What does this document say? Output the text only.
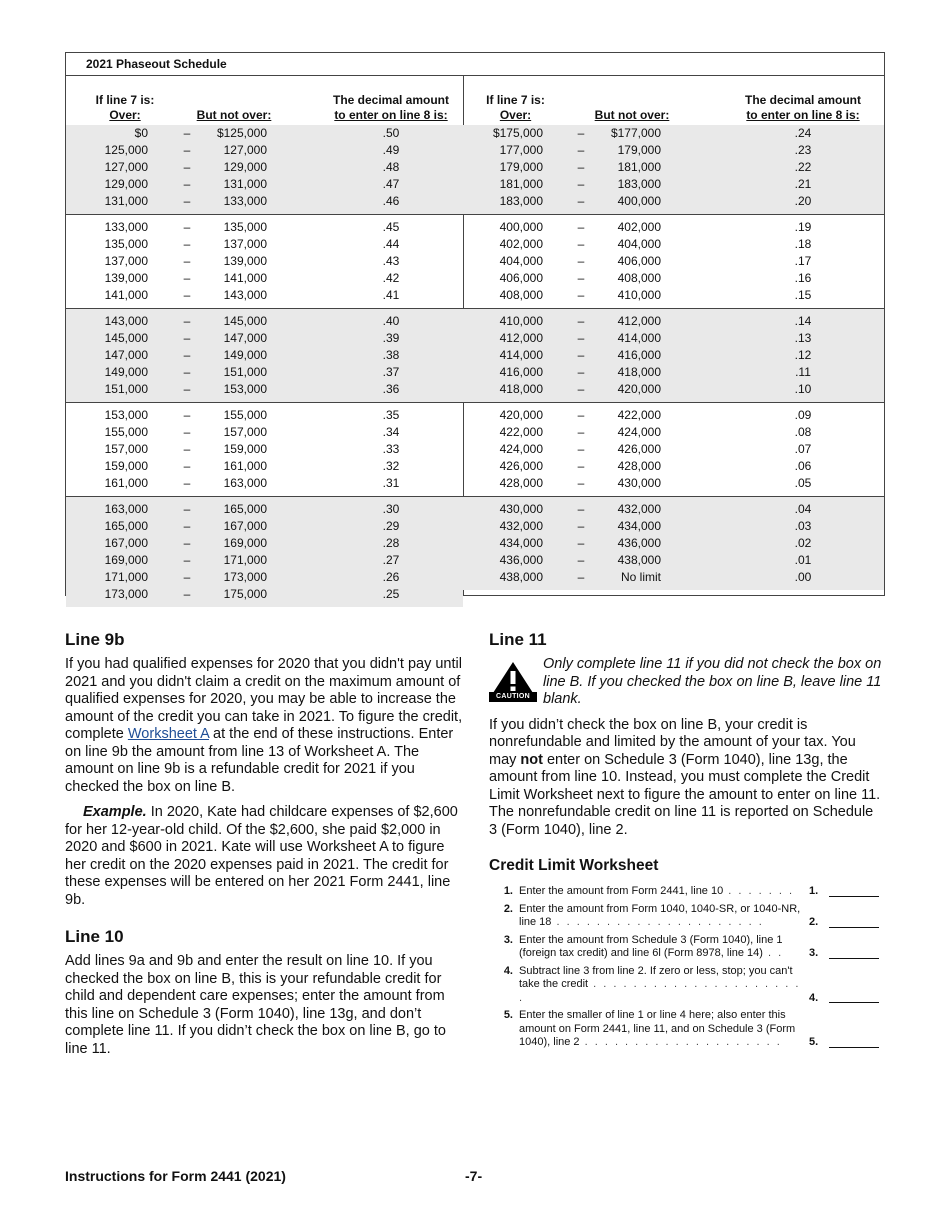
2021 Phaseout Schedule
If line 7 is:
Over:	But not over:
The decimal amount
to enter on line 8 is:
$0	–	$125,000	.50
125,000	–	127,000	.49
127,000	–	129,000	.48
129,000	–	131,000	.47
131,000	–	133,000	.46
133,000	–	135,000	.45
135,000	–	137,000	.44
137,000	–	139,000	.43
139,000	–	141,000	.42
141,000	–	143,000	.41
143,000	–	145,000	.40
145,000	–	147,000	.39
147,000	–	149,000	.38
149,000	–	151,000	.37
151,000	–	153,000	.36
153,000	–	155,000	.35
155,000	–	157,000	.34
157,000	–	159,000	.33
159,000	–	161,000	.32
161,000	–	163,000	.31
163,000	–	165,000	.30
165,000	–	167,000	.29
167,000	–	169,000	.28
169,000	–	171,000	.27
171,000	–	173,000	.26
173,000	–	175,000	.25
If line 7 is:
Over:	But not over:
The decimal amount
to enter on line 8 is:
$175,000	–	$177,000	.24
177,000	–	179,000	.23
179,000	–	181,000	.22
181,000	–	183,000	.21
183,000	–	400,000	.20
400,000	–	402,000	.19
402,000	–	404,000	.18
404,000	–	406,000	.17
406,000	–	408,000	.16
408,000	–	410,000	.15
410,000	–	412,000	.14
412,000	–	414,000	.13
414,000	–	416,000	.12
416,000	–	418,000	.11
418,000	–	420,000	.10
420,000	–	422,000	.09
422,000	–	424,000	.08
424,000	–	426,000	.07
426,000	–	428,000	.06
428,000	–	430,000	.05
430,000	–	432,000	.04
432,000	–	434,000	.03
434,000	–	436,000	.02
436,000	–	438,000	.01
438,000	–	No limit	.00
Line 9b

If you had qualified expenses for 2020 that you didn't pay until 2021 and you didn't claim a credit on the maximum amount of qualified expenses for 2020, you may be able to increase the amount of the credit you can take in 2021. To figure the credit, complete Worksheet A at the end of these instructions. Enter on line 9b the amount from line 13 of Worksheet A. The amount on line 9b is a refundable credit for 2021 if you checked the box on line B.

Example. In 2020, Kate had childcare expenses of $2,600 for her 12-year-old child. Of the $2,600, she paid $2,000 in 2020 and $600 in 2021. Kate will use Worksheet A to figure her credit on the 2020 expenses paid in 2021. The credit for these expenses will be entered on her 2021 Form 2441, line 9b.

Line 10

Add lines 9a and 9b and enter the result on line 10. If you checked the box on line B, this is your refundable credit for child and dependent care expenses; enter the amount from this line on Schedule 3 (Form 1040), line 13g, and don’t complete line 11. If you didn’t check the box on line B, go to line 11.

Line 11
CAUTION
Only complete line 11 if you did not check the box on line B. If you checked the box on line B, leave line 11 blank.

If you didn’t check the box on line B, your credit is nonrefundable and limited by the amount of your tax. You may not enter on Schedule 3 (Form 1040), line 13g, the amount from line 10. Instead, you must complete the Credit Limit Worksheet next to figure the amount to enter on line 11. The nonrefundable credit on line 11 is reported on Schedule 3 (Form 1040), line 2.

Credit Limit Worksheet
1. Enter the amount from Form 2441, line 10 . . . . . . .	1.
2. Enter the amount from Form 1040, 1040-SR, or 1040-NR, line 18 . . . . . . . . . . . . . . . . . . . . .	2.
3. Enter the amount from Schedule 3 (Form 1040), line 1 (foreign tax credit) and line 6l (Form 8978, line 14) . .	3.
4. Subtract line 3 from line 2. If zero or less, stop; you can't take the credit . . . . . . . . . . . . . . . . . . . . . .	4.
5. Enter the smaller of line 1 or line 4 here; also enter this amount on Form 2441, line 11, and on Schedule 3 (Form 1040), line 2 . . . . . . . . . . . . . . . . . . . .	5.
Instructions for Form 2441 (2021)	-7-
